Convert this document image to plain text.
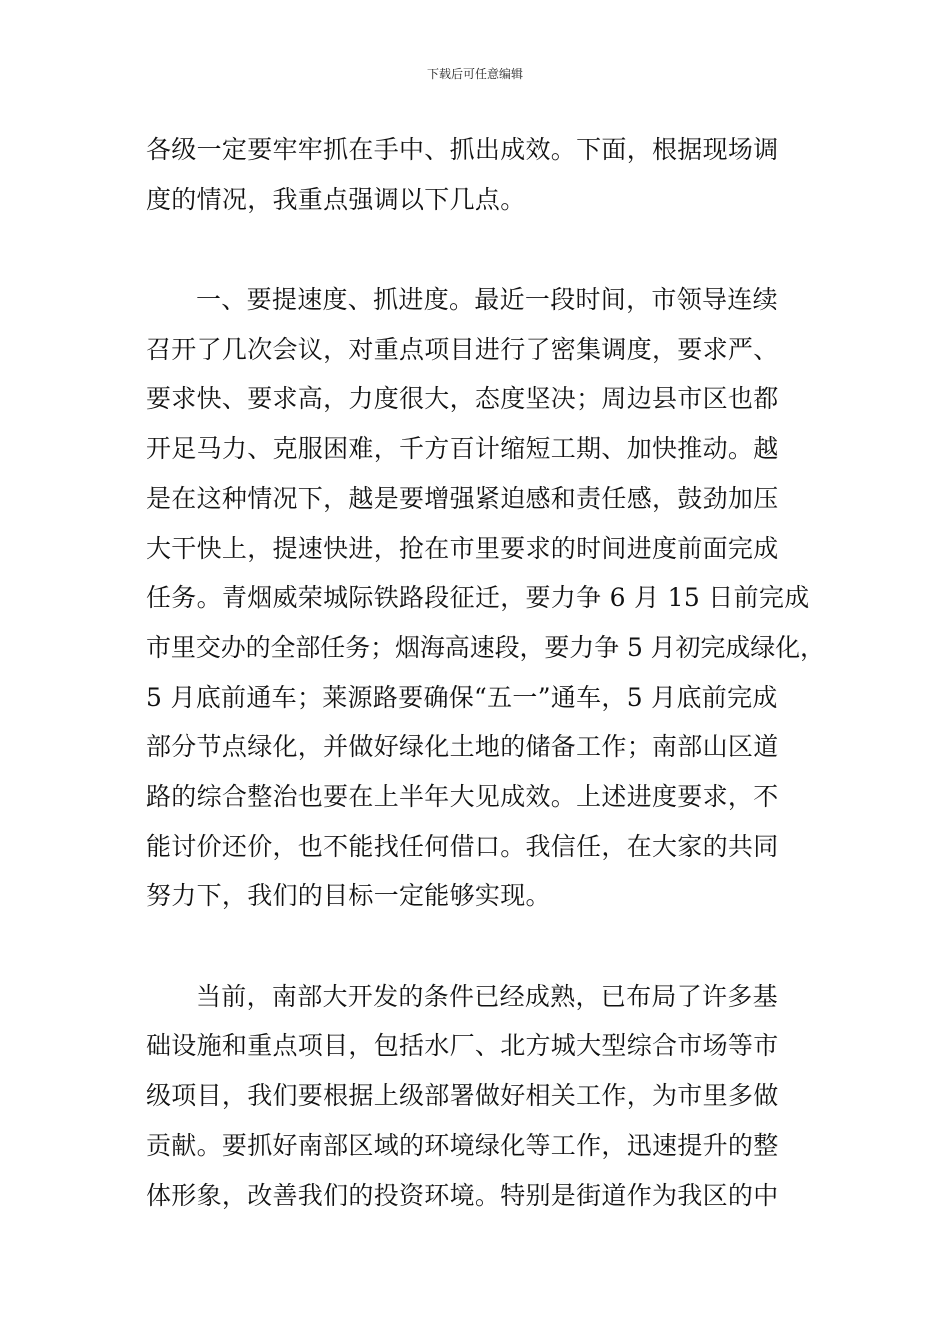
下载后可任意编辑
各级一定要牢牢抓在手中、抓出成效。下面，根据现场调
度的情况，我重点强调以下几点。
一、要提速度、抓进度。最近一段时间，市领导连续
召开了几次会议，对重点项目进行了密集调度，要求严、
要求快、要求高，力度很大，态度坚决；周边县市区也都
开足马力、克服困难，千方百计缩短工期、加快推动。越
是在这种情况下，越是要增强紧迫感和责任感，鼓劲加压
大干快上，提速快进，抢在市里要求的时间进度前面完成
任务。青烟威荣城际铁路段征迁，要力争 6 月 15 日前完成
市里交办的全部任务；烟海高速段，要力争 5 月初完成绿化，
5 月底前通车；莱源路要确保“五一”通车，5 月底前完成
部分节点绿化，并做好绿化土地的储备工作；南部山区道
路的综合整治也要在上半年大见成效。上述进度要求，不
能讨价还价，也不能找任何借口。我信任，在大家的共同
努力下，我们的目标一定能够实现。
当前，南部大开发的条件已经成熟，已布局了许多基
础设施和重点项目，包括水厂、北方城大型综合市场等市
级项目，我们要根据上级部署做好相关工作，为市里多做
贡献。要抓好南部区域的环境绿化等工作，迅速提升的整
体形象，改善我们的投资环境。特别是街道作为我区的中
